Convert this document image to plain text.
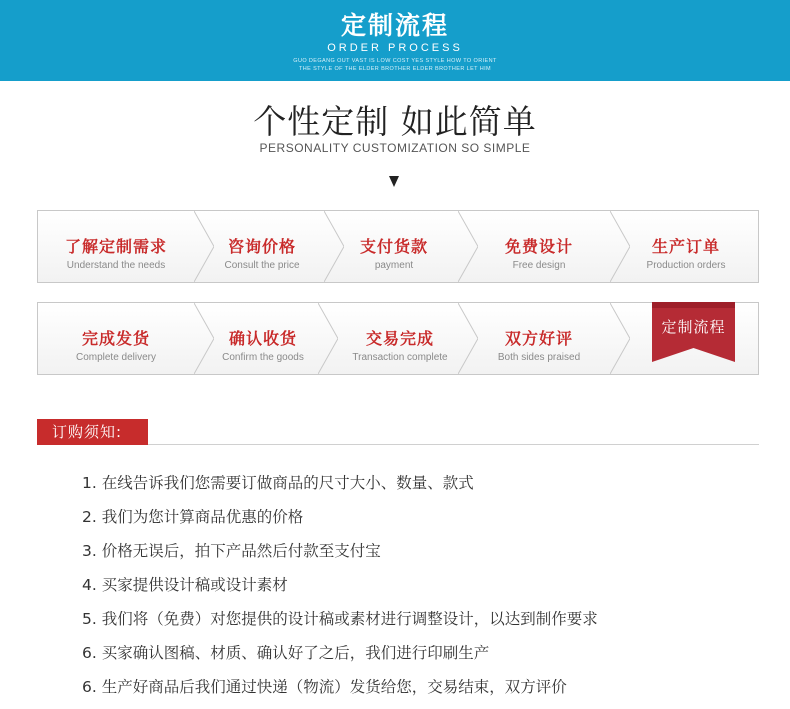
定制流程
ORDER PROCESS
GUO DEGANG OUT VAST IS LOW COST YES STYLE HOW TO ORIENT
THE STYLE OF THE ELDER BROTHER ELDER BROTHER LET HIM
个性定制 如此简单
PERSONALITY CUSTOMIZATION SO SIMPLE
了解定制需求
Understand the needs
咨询价格
Consult the price
支付货款
payment
免费设计
Free design
生产订单
Production orders
完成发货
Complete delivery
确认收货
Confirm the goods
交易完成
Transaction complete
双方好评
Both sides praised
定制流程
订购须知:
1. 在线告诉我们您需要订做商品的尺寸大小、数量、款式
2. 我们为您计算商品优惠的价格
3. 价格无误后，拍下产品然后付款至支付宝
4. 买家提供设计稿或设计素材
5. 我们将（免费）对您提供的设计稿或素材进行调整设计，以达到制作要求
6. 买家确认图稿、材质、确认好了之后，我们进行印刷生产
6. 生产好商品后我们通过快递（物流）发货给您，交易结束，双方评价
